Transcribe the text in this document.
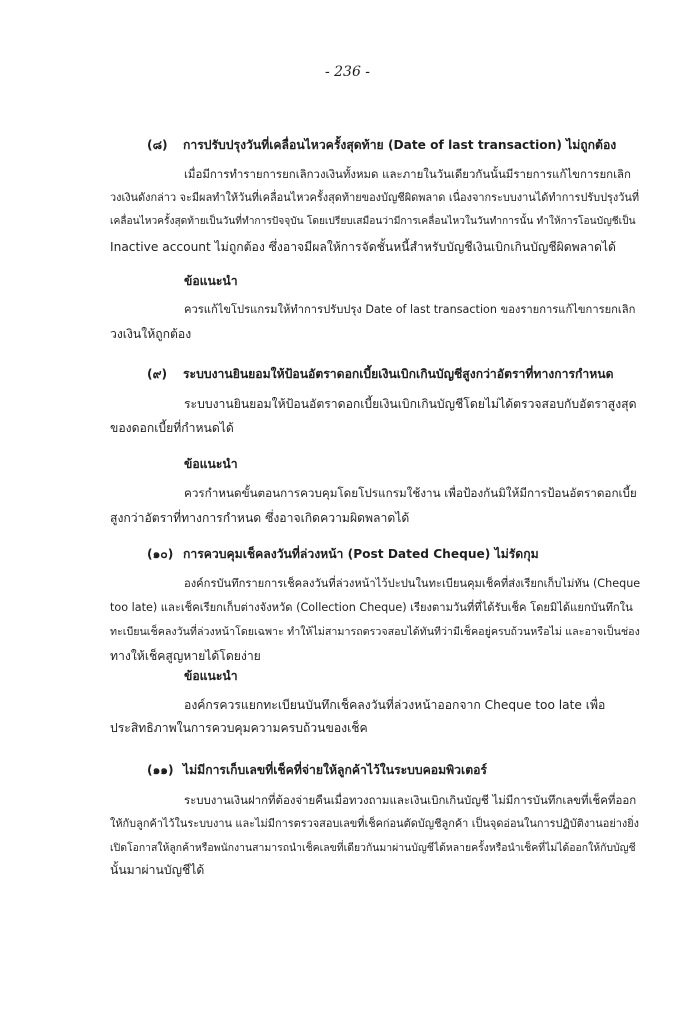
- 236 -
(๘) การปรับปรุงวันที่เคลื่อนไหวครั้งสุดท้าย (Date of last transaction) ไม่ถูกต้อง
เมื่อมีการทำรายการยกเลิกวงเงินทั้งหมด และภายในวันเดียวกันนั้นมีรายการแก้ไขการยกเลิก
วงเงินดังกล่าว จะมีผลทำให้วันที่เคลื่อนไหวครั้งสุดท้ายของบัญชีผิดพลาด เนื่องจากระบบงานได้ทำการปรับปรุงวันที่
เคลื่อนไหวครั้งสุดท้ายเป็นวันที่ทำการปัจจุบัน โดยเปรียบเสมือนว่ามีการเคลื่อนไหวในวันทำการนั้น ทำให้การโอนบัญชีเป็น
Inactive account ไม่ถูกต้อง ซึ่งอาจมีผลให้การจัดชั้นหนี้สำหรับบัญชีเงินเบิกเกินบัญชีผิดพลาดได้
ข้อแนะนำ
ควรแก้ไขโปรแกรมให้ทำการปรับปรุง Date of last transaction ของรายการแก้ไขการยกเลิก
วงเงินให้ถูกต้อง
(๙) ระบบงานยินยอมให้ป้อนอัตราดอกเบี้ยเงินเบิกเกินบัญชีสูงกว่าอัตราที่ทางการกำหนด
ระบบงานยินยอมให้ป้อนอัตราดอกเบี้ยเงินเบิกเกินบัญชีโดยไม่ได้ตรวจสอบกับอัตราสูงสุด
ของดอกเบี้ยที่กำหนดได้
ข้อแนะนำ
ควรกำหนดขั้นตอนการควบคุมโดยโปรแกรมใช้งาน เพื่อป้องกันมิให้มีการป้อนอัตราดอกเบี้ย
สูงกว่าอัตราที่ทางการกำหนด ซึ่งอาจเกิดความผิดพลาดได้
(๑๐) การควบคุมเช็คลงวันที่ล่วงหน้า (Post Dated Cheque) ไม่รัดกุม
องค์กรบันทึกรายการเช็คลงวันที่ล่วงหน้าไว้ปะปนในทะเบียนคุมเช็คที่ส่งเรียกเก็บไม่ทัน (Cheque
too late) และเช็คเรียกเก็บต่างจังหวัด (Collection Cheque) เรียงตามวันที่ที่ได้รับเช็ค โดยมิได้แยกบันทึกใน
ทะเบียนเช็คลงวันที่ล่วงหน้าโดยเฉพาะ ทำให้ไม่สามารถตรวจสอบได้ทันทีว่ามีเช็คอยู่ครบถ้วนหรือไม่ และอาจเป็นช่อง
ทางให้เช็คสูญหายได้โดยง่าย
ข้อแนะนำ
องค์กรควรแยกทะเบียนบันทึกเช็คลงวันที่ล่วงหน้าออกจาก Cheque too late เพื่อ
ประสิทธิภาพในการควบคุมความครบถ้วนของเช็ค
(๑๑) ไม่มีการเก็บเลขที่เช็คที่จ่ายให้ลูกค้าไว้ในระบบคอมพิวเตอร์
ระบบงานเงินฝากที่ต้องจ่ายคืนเมื่อทวงถามและเงินเบิกเกินบัญชี ไม่มีการบันทึกเลขที่เช็คที่ออก
ให้กับลูกค้าไว้ในระบบงาน และไม่มีการตรวจสอบเลขที่เช็คก่อนตัดบัญชีลูกค้า เป็นจุดอ่อนในการปฏิบัติงานอย่างยิ่ง
เปิดโอกาสให้ลูกค้าหรือพนักงานสามารถนำเช็คเลขที่เดียวกันมาผ่านบัญชีได้หลายครั้งหรือนำเช็คที่ไม่ได้ออกให้กับบัญชี
นั้นมาผ่านบัญชีได้
